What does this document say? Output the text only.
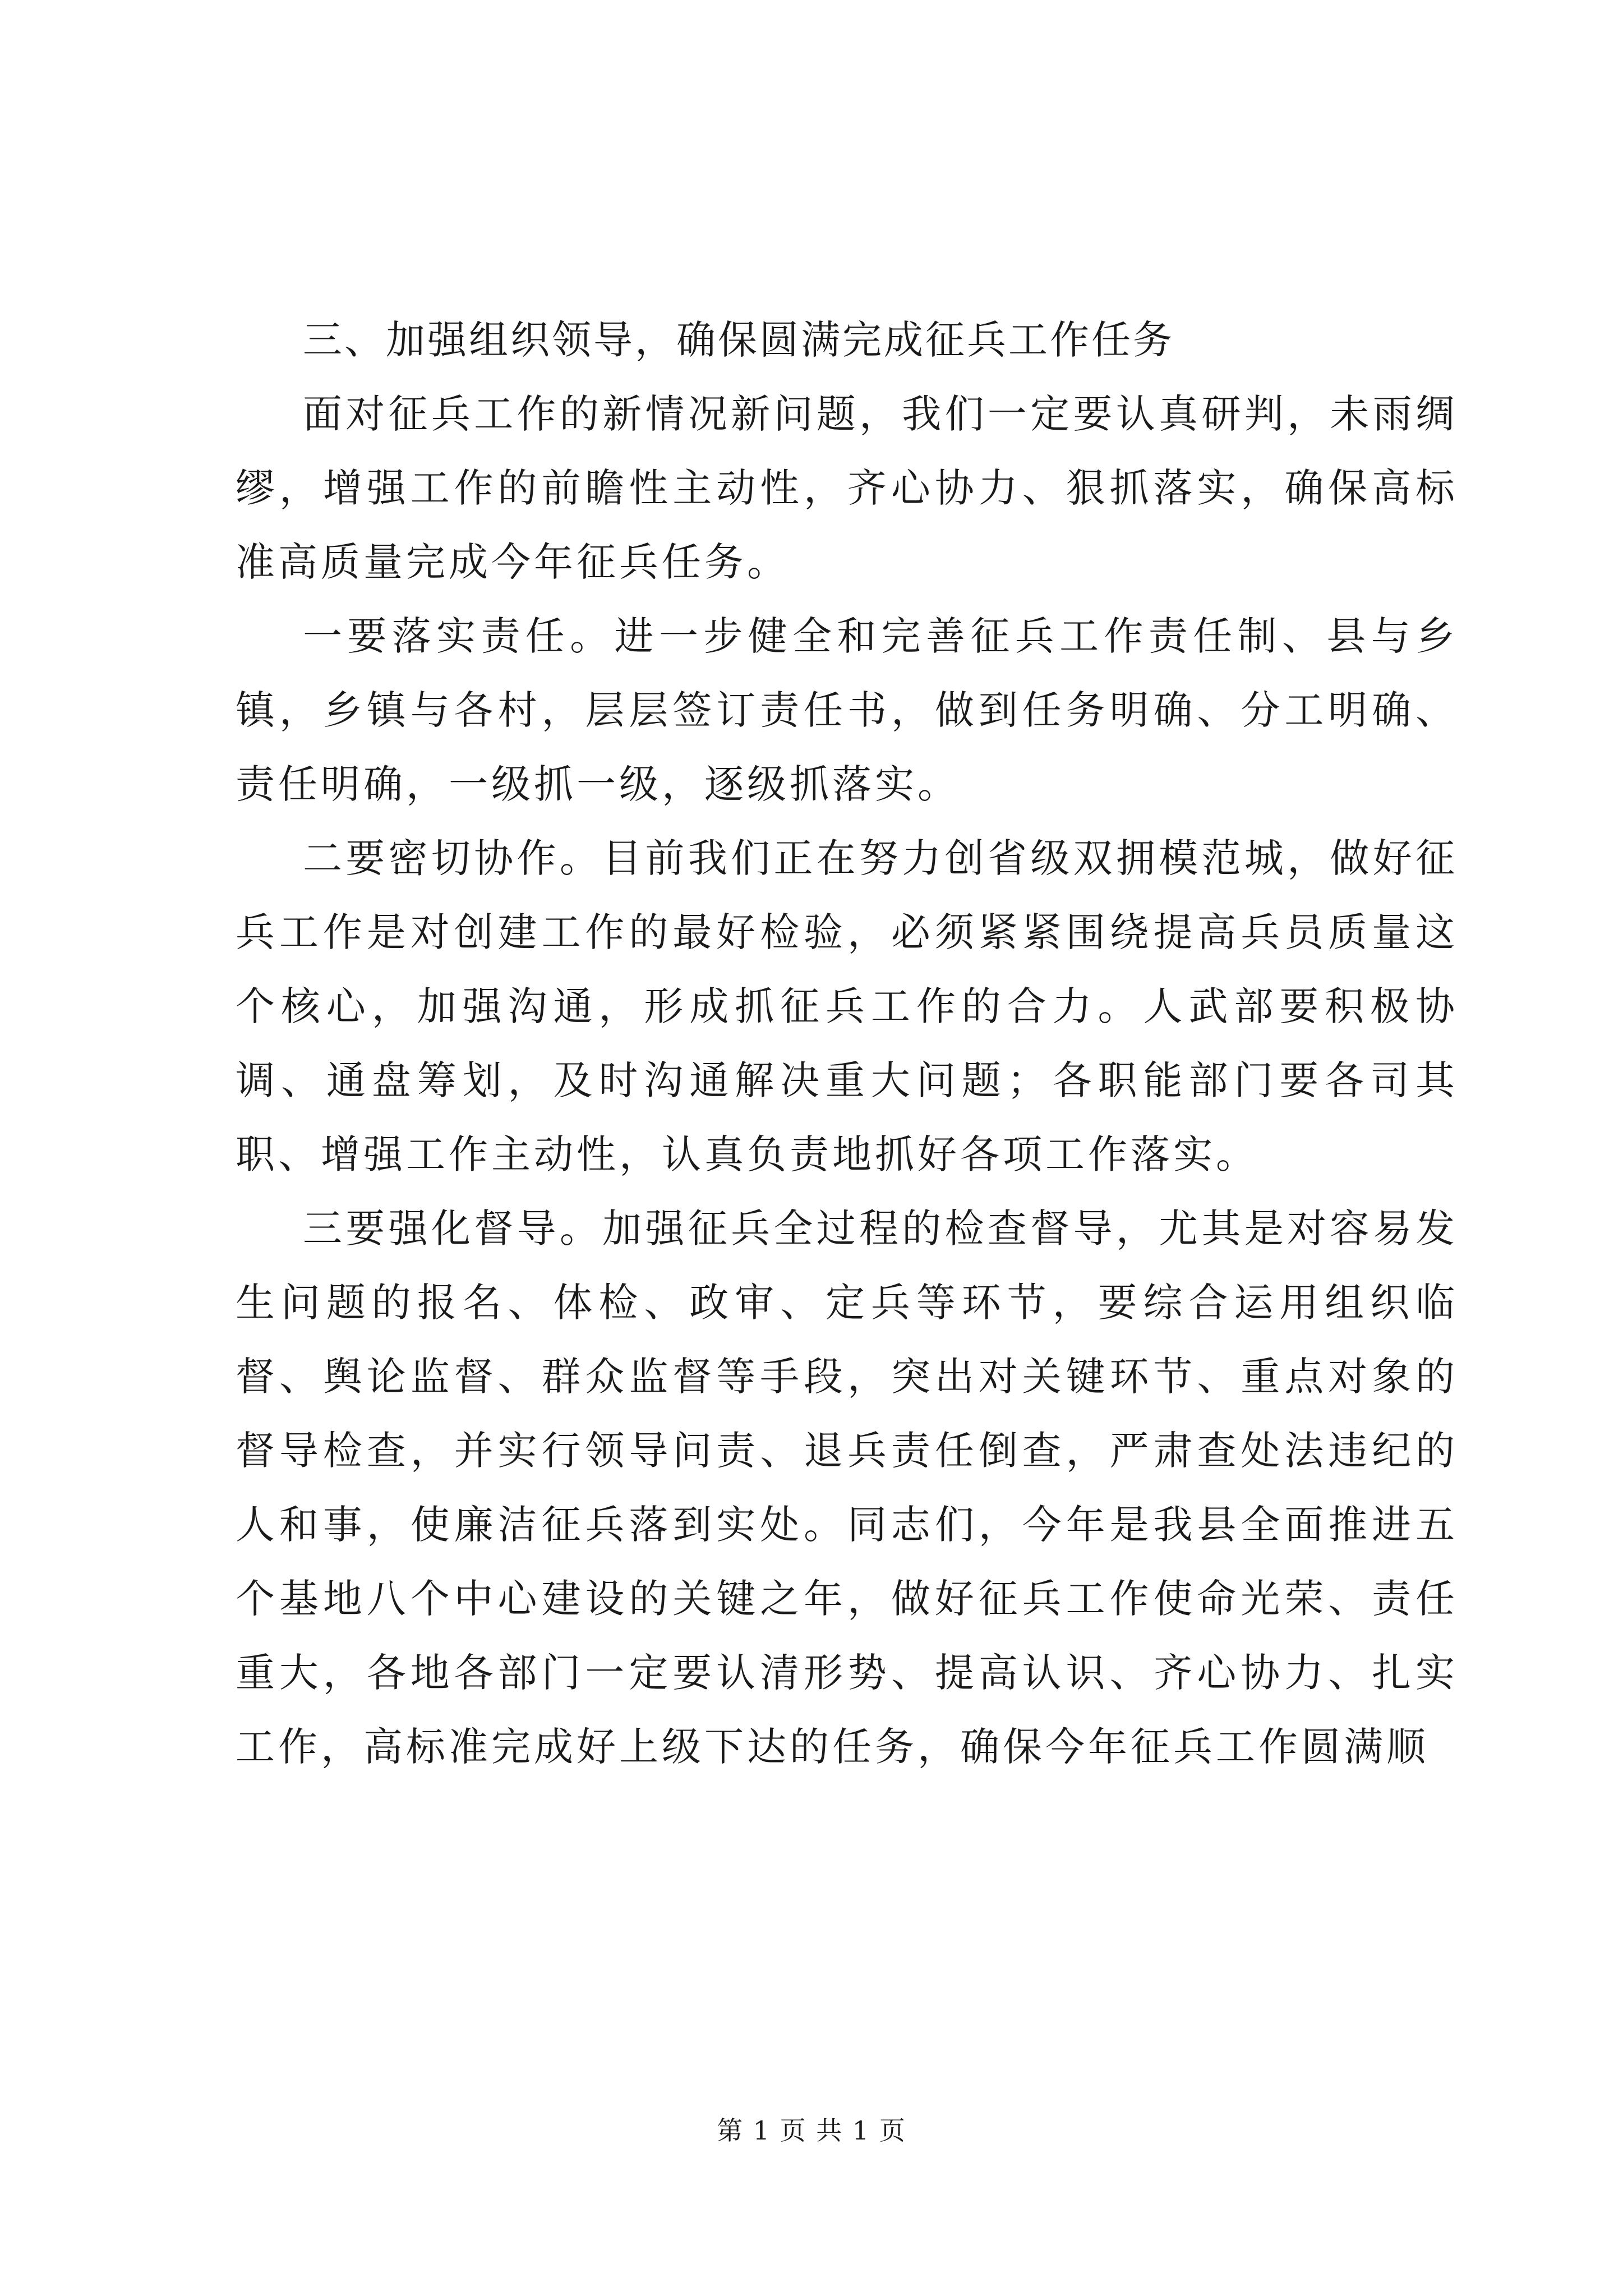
三、加强组织领导，确保圆满完成征兵工作任务

面对征兵工作的新情况新问题，我们一定要认真研判，未雨绸缪，增强工作的前瞻性主动性，齐心协力、狠抓落实，确保高标准高质量完成今年征兵任务。

一要落实责任。进一步健全和完善征兵工作责任制、县与乡镇，乡镇与各村，层层签订责任书，做到任务明确、分工明确、责任明确，一级抓一级，逐级抓落实。

二要密切协作。目前我们正在努力创省级双拥模范城，做好征兵工作是对创建工作的最好检验，必须紧紧围绕提高兵员质量这个核心，加强沟通，形成抓征兵工作的合力。人武部要积极协调、通盘筹划，及时沟通解决重大问题；各职能部门要各司其职、增强工作主动性，认真负责地抓好各项工作落实。

三要强化督导。加强征兵全过程的检查督导，尤其是对容易发生问题的报名、体检、政审、定兵等环节，要综合运用组织临督、舆论监督、群众监督等手段，突出对关键环节、重点对象的督导检查，并实行领导问责、退兵责任倒查，严肃查处法违纪的人和事，使廉洁征兵落到实处。同志们，今年是我县全面推进五个基地八个中心建设的关键之年，做好征兵工作使命光荣、责任重大，各地各部门一定要认清形势、提高认识、齐心协力、扎实工作，高标准完成好上级下达的任务，确保今年征兵工作圆满顺

第 1 页 共 1 页
